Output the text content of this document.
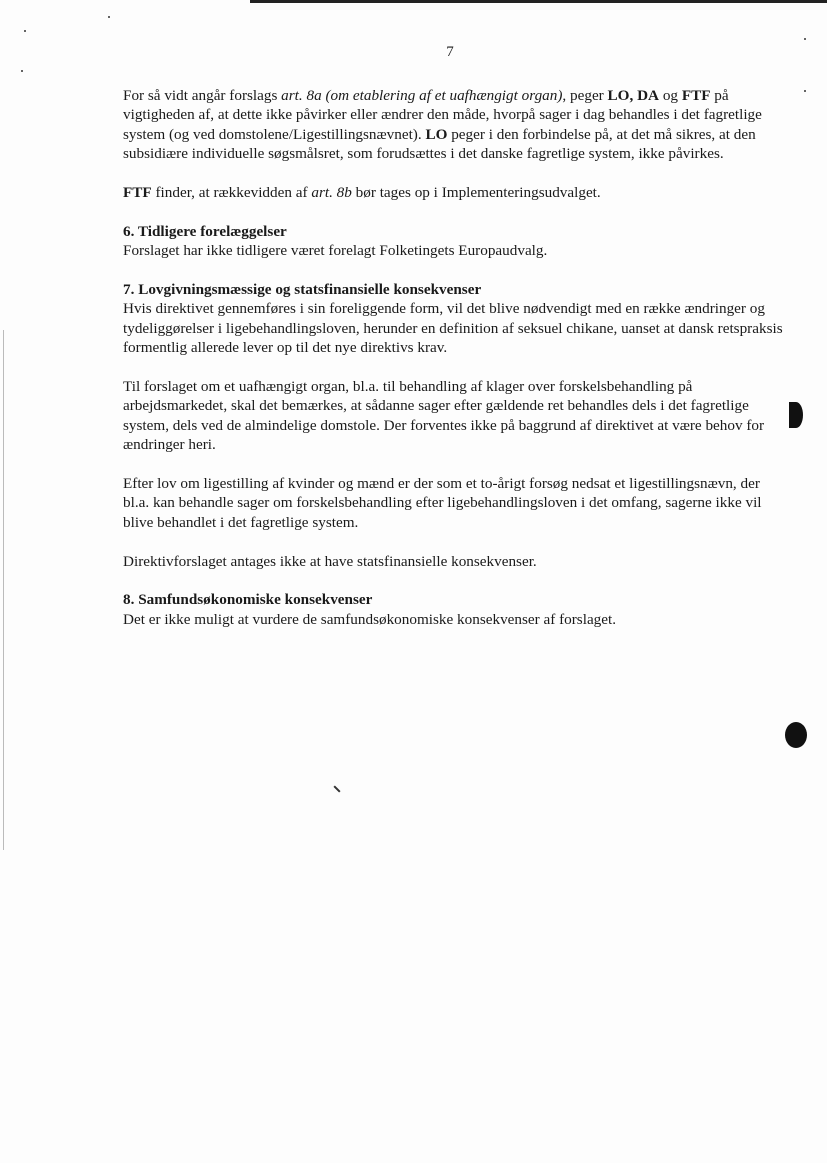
7

For så vidt angår forslags art. 8a (om etablering af et uafhængigt organ), peger LO, DA og FTF på vigtigheden af, at dette ikke påvirker eller ændrer den måde, hvorpå sager i dag behandles i det fagretlige system (og ved domstolene/Ligestillingsnævnet). LO peger i den forbindelse på, at det må sikres, at den subsidiære individuelle søgsmålsret, som forudsættes i det danske fagretlige system, ikke påvirkes.

FTF finder, at rækkevidden af art. 8b bør tages op i Implementeringsudvalget.

6. Tidligere forelæggelser

Forslaget har ikke tidligere været forelagt Folketingets Europaudvalg.

7. Lovgivningsmæssige og statsfinansielle konsekvenser

Hvis direktivet gennemføres i sin foreliggende form, vil det blive nødvendigt med en række ændringer og tydeliggørelser i ligebehandlingsloven, herunder en definition af seksuel chikane, uanset at dansk retspraksis formentlig allerede lever op til det nye direktivs krav.

Til forslaget om et uafhængigt organ, bl.a. til behandling af klager over forskelsbehandling på arbejdsmarkedet, skal det bemærkes, at sådanne sager efter gældende ret behandles dels i det fagretlige system, dels ved de almindelige domstole. Der forventes ikke på baggrund af direktivet at være behov for ændringer heri.

Efter lov om ligestilling af kvinder og mænd er der som et to-årigt forsøg nedsat et ligestillingsnævn, der bl.a. kan behandle sager om forskelsbehandling efter ligebehandlingsloven i det omfang, sagerne ikke vil blive behandlet i det fagretlige system.

Direktivforslaget antages ikke at have statsfinansielle konsekvenser.

8. Samfundsøkonomiske konsekvenser

Det er ikke muligt at vurdere de samfundsøkonomiske konsekvenser af forslaget.
